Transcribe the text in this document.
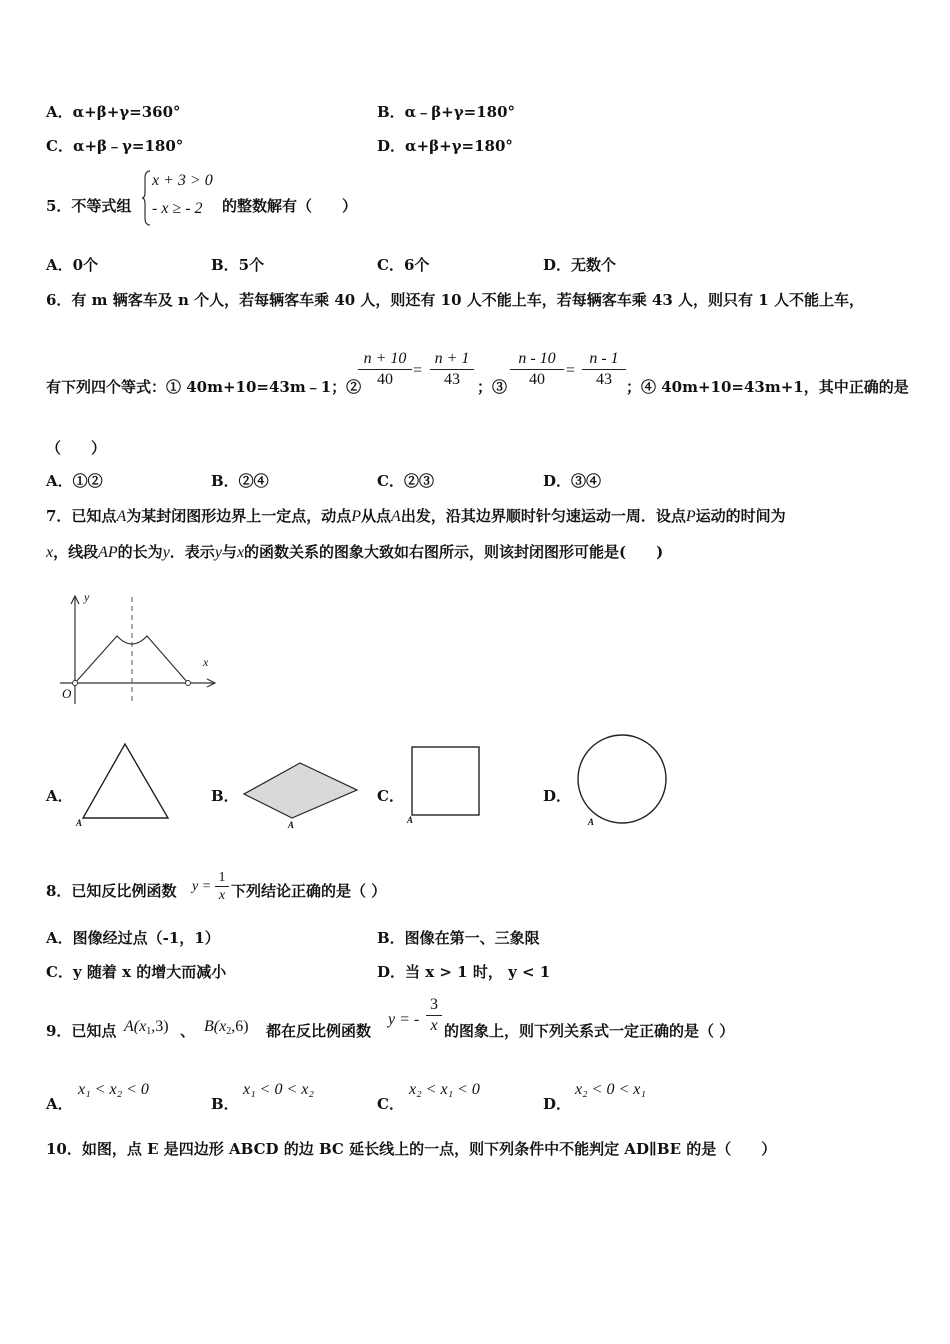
A．α+β+γ=360°	B．α﹣β+γ=180°
C．α+β﹣γ=180°	D．α+β+γ=180°
5．不等式组
x + 3 > 0
- x ≥ - 2 的整数解有（　　）
A．0个	B．5个	C．6个	D．无数个
6．有 m 辆客车及 n 个人，若每辆客车乘 40 人，则还有 10 人不能上车，若每辆客车乘 43 人，则只有 1 人不能上车，
有下列四个等式：① 40m+10=43m﹣1；②
$\frac{n + 10}{40} = \frac{n + 1}{43}$ ；③ $\frac{n - 10}{40} = \frac{n - 1}{43}$ ；④ 40m+10=43m+1，其中正确的是
（　　）
A．①②	B．②④	C．②③	D．③④
7．已知点A为某封闭图形边界上一定点，动点P从点A出发，沿其边界顺时针匀速运动一周．设点P运动的时间为
x，线段AP的长为y．表示y与x的函数关系的图象大致如右图所示，则该封闭图形可能是(　　)
y
x
O
A．
A
B．
A
C．
A
D．
A
8．已知反比例函数 $y = \frac{1}{x}$ 下列结论正确的是（ ）
A．图像经过点（-1，1）	B．图像在第一、三象限
C．y 随着 x 的增大而减小	D．当 x > 1 时， y < 1
9．已知点 $A(x_1,3)$ 、 $B(x_2,6)$ 都在反比例函数
y = - $\frac{3}{x}$ 的图象上，则下列关系式一定正确的是（ ）
A．
x₁ < x₂ < 0
B．
x₁ < 0 < x₂
C．
x₂ < x₁ < 0
D．
x₂ < 0 < x₁
10．如图，点 E 是四边形 ABCD 的边 BC 延长线上的一点，则下列条件中不能判定 AD∥BE 的是（　　）
